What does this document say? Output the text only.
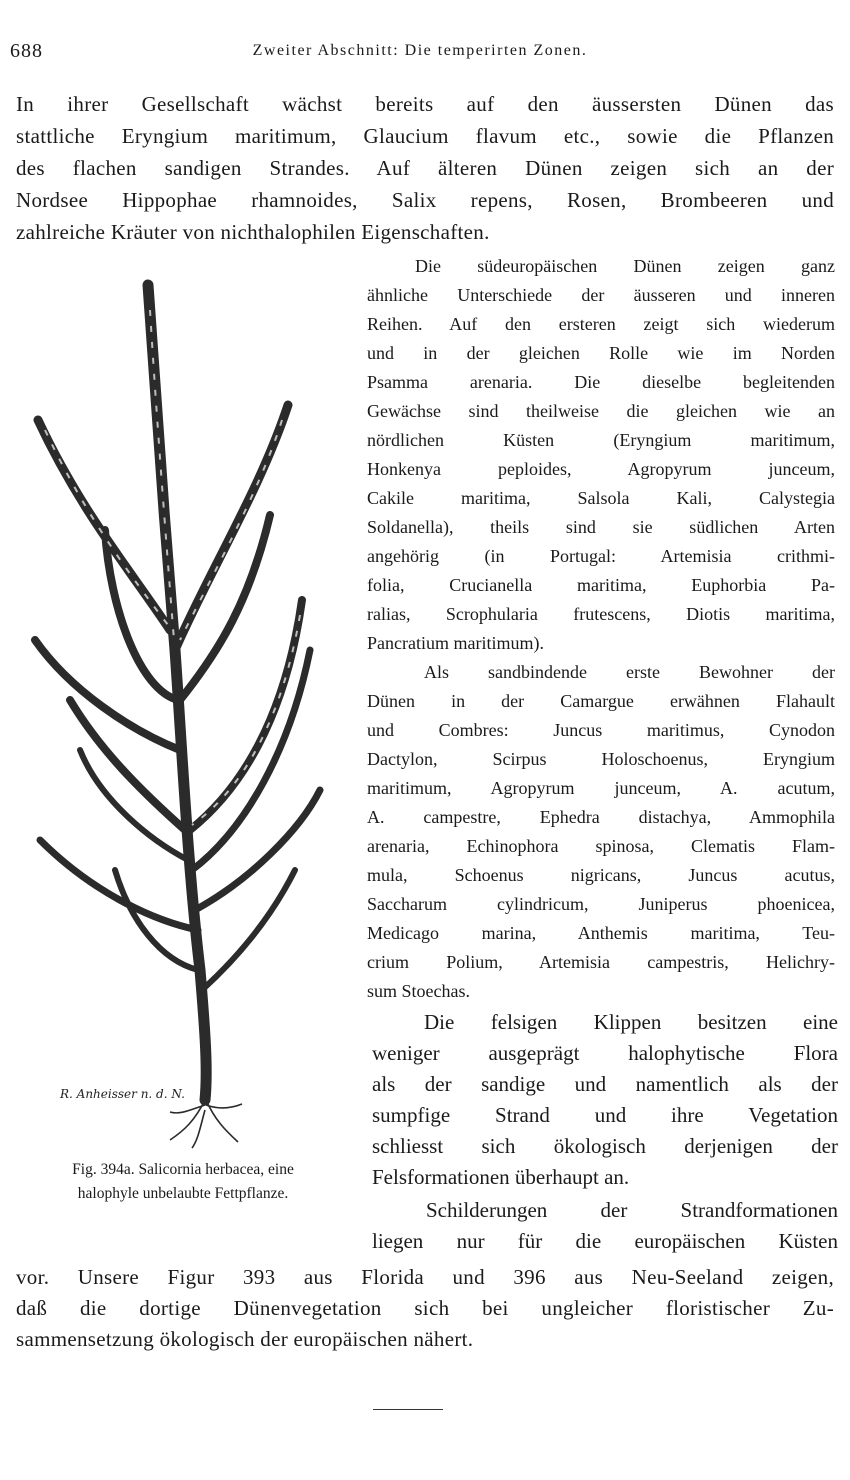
688	Zweiter Abschnitt: Die temperirten Zonen.
In ihrer Gesellschaft wächst bereits auf den äussersten Dünen das
stattliche Eryngium maritimum, Glaucium flavum etc., sowie die Pflanzen
des flachen sandigen Strandes. Auf älteren Dünen zeigen sich an der
Nordsee Hippophae rhamnoides, Salix repens, Rosen, Brombeeren und
zahlreiche Kräuter von nichthalophilen Eigenschaften.
Die südeuropäischen Dünen zeigen ganz
ähnliche Unterschiede der äusseren und inneren
Reihen. Auf den ersteren zeigt sich wiederum
und in der gleichen Rolle wie im Norden
Psamma arenaria. Die dieselbe begleitenden
Gewächse sind theilweise die gleichen wie an
nördlichen Küsten (Eryngium maritimum,
Honkenya peploides, Agropyrum junceum,
Cakile maritima, Salsola Kali, Calystegia
Soldanella), theils sind sie südlichen Arten
angehörig (in Portugal: Artemisia crithmi-
folia, Crucianella maritima, Euphorbia Pa-
ralias, Scrophularia frutescens, Diotis maritima,
Pancratium maritimum).
Als sandbindende erste Bewohner der
Dünen in der Camargue erwähnen Flahault
und Combres: Juncus maritimus, Cynodon
Dactylon, Scirpus Holoschoenus, Eryngium
maritimum, Agropyrum junceum, A. acutum,
A. campestre, Ephedra distachya, Ammophila
arenaria, Echinophora spinosa, Clematis Flam-
mula, Schoenus nigricans, Juncus acutus,
Saccharum cylindricum, Juniperus phoenicea,
Medicago marina, Anthemis maritima, Teu-
crium Polium, Artemisia campestris, Helichry-
sum Stoechas.
Die felsigen Klippen besitzen eine
weniger ausgeprägt halophytische Flora
als der sandige und namentlich als der
sumpfige Strand und ihre Vegetation
schliesst sich ökologisch derjenigen der
Felsformationen überhaupt an.
Schilderungen der Strandformationen
liegen nur für die europäischen Küsten
vor. Unsere Figur 393 aus Florida und 396 aus Neu-Seeland zeigen,
daß die dortige Dünenvegetation sich bei ungleicher floristischer Zu-
sammensetzung ökologisch der europäischen nähert.
R. Anheisser n. d. N.
Fig. 394a. Salicornia herbacea, eine
halophyle unbelaubte Fettpflanze.
